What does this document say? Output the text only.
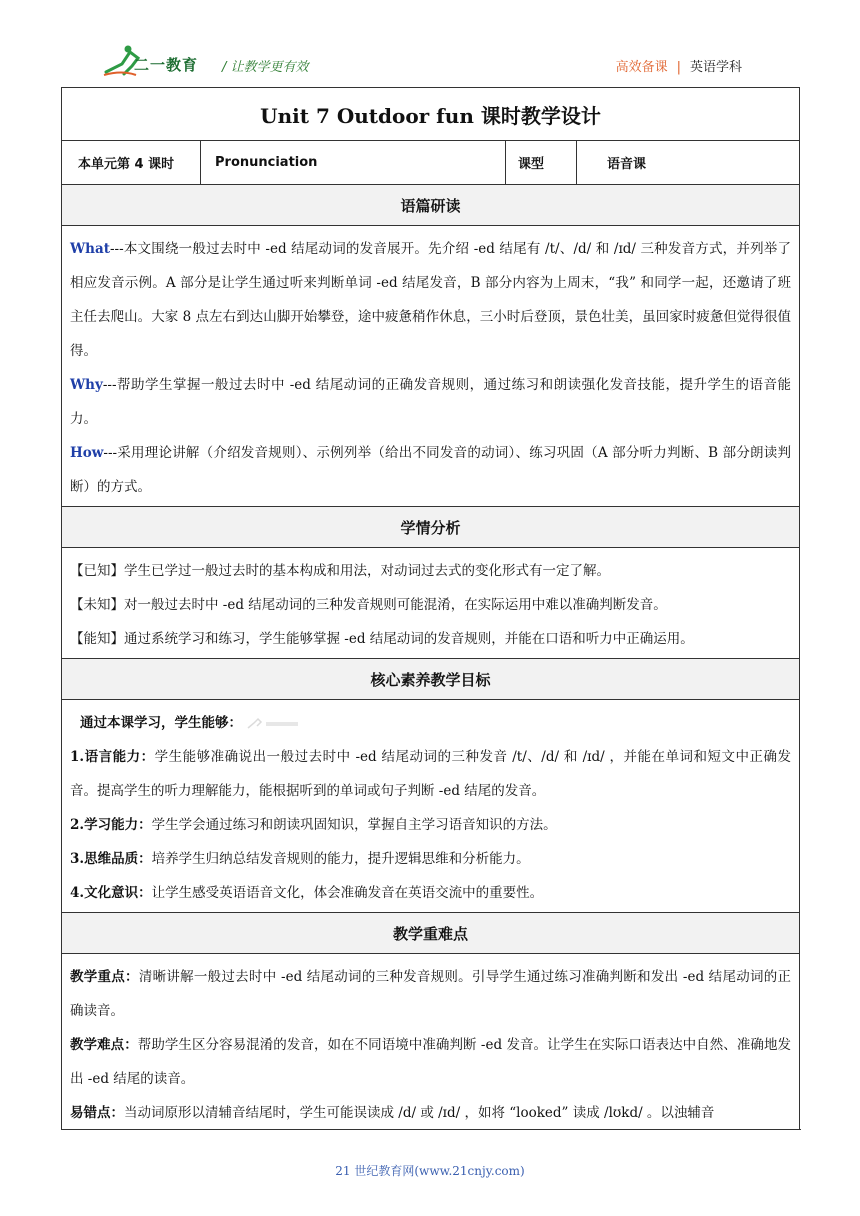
二一教育 / 让教学更有效	高效备课 | 英语学科
Unit 7 Outdoor fun 课时教学设计
本单元第 4 课时	Pronunciation	课型	语音课
语篇研读

What---本文围绕一般过去时中 -ed 结尾动词的发音展开。先介绍 -ed 结尾有 /t/、/d/ 和 /ɪd/ 三种发音方式，并列举了相应发音示例。A 部分是让学生通过听来判断单词 -ed 结尾发音，B 部分内容为上周末，“我” 和同学一起，还邀请了班主任去爬山。大家 8 点左右到达山脚开始攀登，途中疲惫稍作休息，三小时后登顶，景色壮美，虽回家时疲惫但觉得很值得。

Why---帮助学生掌握一般过去时中 -ed 结尾动词的正确发音规则，通过练习和朗读强化发音技能，提升学生的语音能力。

How---采用理论讲解（介绍发音规则）、示例列举（给出不同发音的动词）、练习巩固（A 部分听力判断、B 部分朗读判断）的方式。

学情分析

【已知】学生已学过一般过去时的基本构成和用法，对动词过去式的变化形式有一定了解。

【未知】对一般过去时中 -ed 结尾动词的三种发音规则可能混淆，在实际运用中难以准确判断发音。

【能知】通过系统学习和练习，学生能够掌握 -ed 结尾动词的发音规则，并能在口语和听力中正确运用。

核心素养教学目标

通过本课学习，学生能够：

1.语言能力：学生能够准确说出一般过去时中 -ed 结尾动词的三种发音 /t/、/d/ 和 /ɪd/ ，并能在单词和短文中正确发音。提高学生的听力理解能力，能根据听到的单词或句子判断 -ed 结尾的发音。

2.学习能力：学生学会通过练习和朗读巩固知识，掌握自主学习语音知识的方法。

3.思维品质：培养学生归纳总结发音规则的能力，提升逻辑思维和分析能力。

4.文化意识：让学生感受英语语音文化，体会准确发音在英语交流中的重要性。

教学重难点

教学重点：清晰讲解一般过去时中 -ed 结尾动词的三种发音规则。引导学生通过练习准确判断和发出 -ed 结尾动词的正确读音。

教学难点：帮助学生区分容易混淆的发音，如在不同语境中准确判断 -ed 发音。让学生在实际口语表达中自然、准确地发出 -ed 结尾的读音。

易错点：当动词原形以清辅音结尾时，学生可能误读成 /d/ 或 /ɪd/ ，如将 “looked” 读成 /lʊkd/ 。以浊辅音

21 世纪教育网(www.21cnjy.com)
